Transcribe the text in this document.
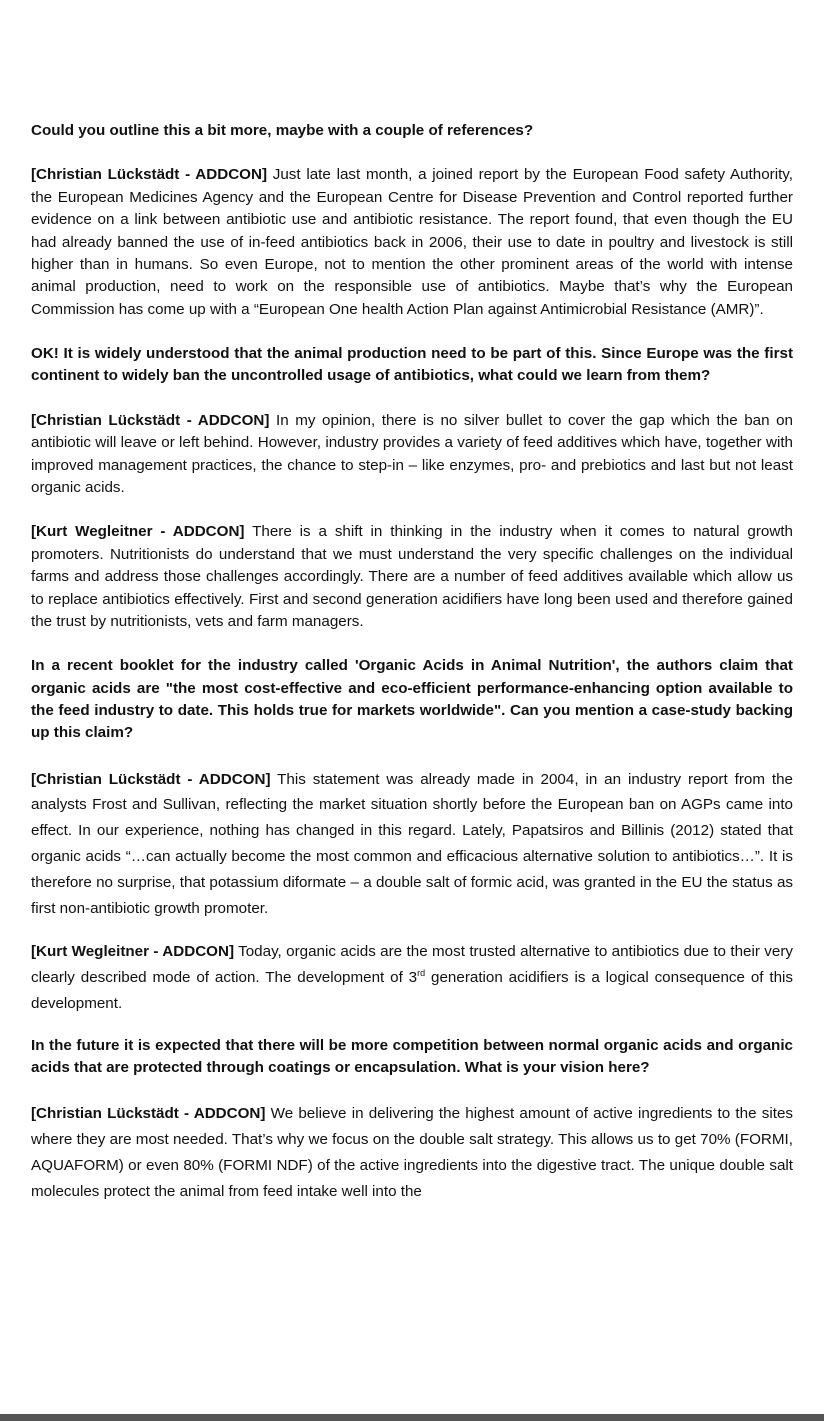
Could you outline this a bit more, maybe with a couple of references?

[Christian Lückstädt - ADDCON] Just late last month, a joined report by the European Food safety Authority, the European Medicines Agency and the European Centre for Disease Prevention and Control reported further evidence on a link between antibiotic use and antibiotic resistance. The report found, that even though the EU had already banned the use of in-feed antibiotics back in 2006, their use to date in poultry and livestock is still higher than in humans. So even Europe, not to mention the other prominent areas of the world with intense animal production, need to work on the responsible use of antibiotics. Maybe that’s why the European Commission has come up with a “European One health Action Plan against Antimicrobial Resistance (AMR)”.

OK! It is widely understood that the animal production need to be part of this. Since Europe was the first continent to widely ban the uncontrolled usage of antibiotics, what could we learn from them?

[Christian Lückstädt - ADDCON] In my opinion, there is no silver bullet to cover the gap which the ban on antibiotic will leave or left behind. However, industry provides a variety of feed additives which have, together with improved management practices, the chance to step-in – like enzymes, pro- and prebiotics and last but not least organic acids.

[Kurt Wegleitner - ADDCON] There is a shift in thinking in the industry when it comes to natural growth promoters. Nutritionists do understand that we must understand the very specific challenges on the individual farms and address those challenges accordingly. There are a number of feed additives available which allow us to replace antibiotics effectively. First and second generation acidifiers have long been used and therefore gained the trust by nutritionists, vets and farm managers.

In a recent booklet for the industry called 'Organic Acids in Animal Nutrition', the authors claim that organic acids are "the most cost-effective and eco-efficient performance-enhancing option available to the feed industry to date. This holds true for markets worldwide". Can you mention a case-study backing up this claim?

[Christian Lückstädt - ADDCON] This statement was already made in 2004, in an industry report from the analysts Frost and Sullivan, reflecting the market situation shortly before the European ban on AGPs came into effect. In our experience, nothing has changed in this regard. Lately, Papatsiros and Billinis (2012) stated that organic acids “…can actually become the most common and efficacious alternative solution to antibiotics…”. It is therefore no surprise, that potassium diformate – a double salt of formic acid, was granted in the EU the status as first non-antibiotic growth promoter.

[Kurt Wegleitner - ADDCON] Today, organic acids are the most trusted alternative to antibiotics due to their very clearly described mode of action. The development of 3rd generation acidifiers is a logical consequence of this development.

In the future it is expected that there will be more competition between normal organic acids and organic acids that are protected through coatings or encapsulation. What is your vision here?

[Christian Lückstädt - ADDCON] We believe in delivering the highest amount of active ingredients to the sites where they are most needed. That’s why we focus on the double salt strategy. This allows us to get 70% (FORMI, AQUAFORM) or even 80% (FORMI NDF) of the active ingredients into the digestive tract. The unique double salt molecules protect the animal from feed intake well into the
